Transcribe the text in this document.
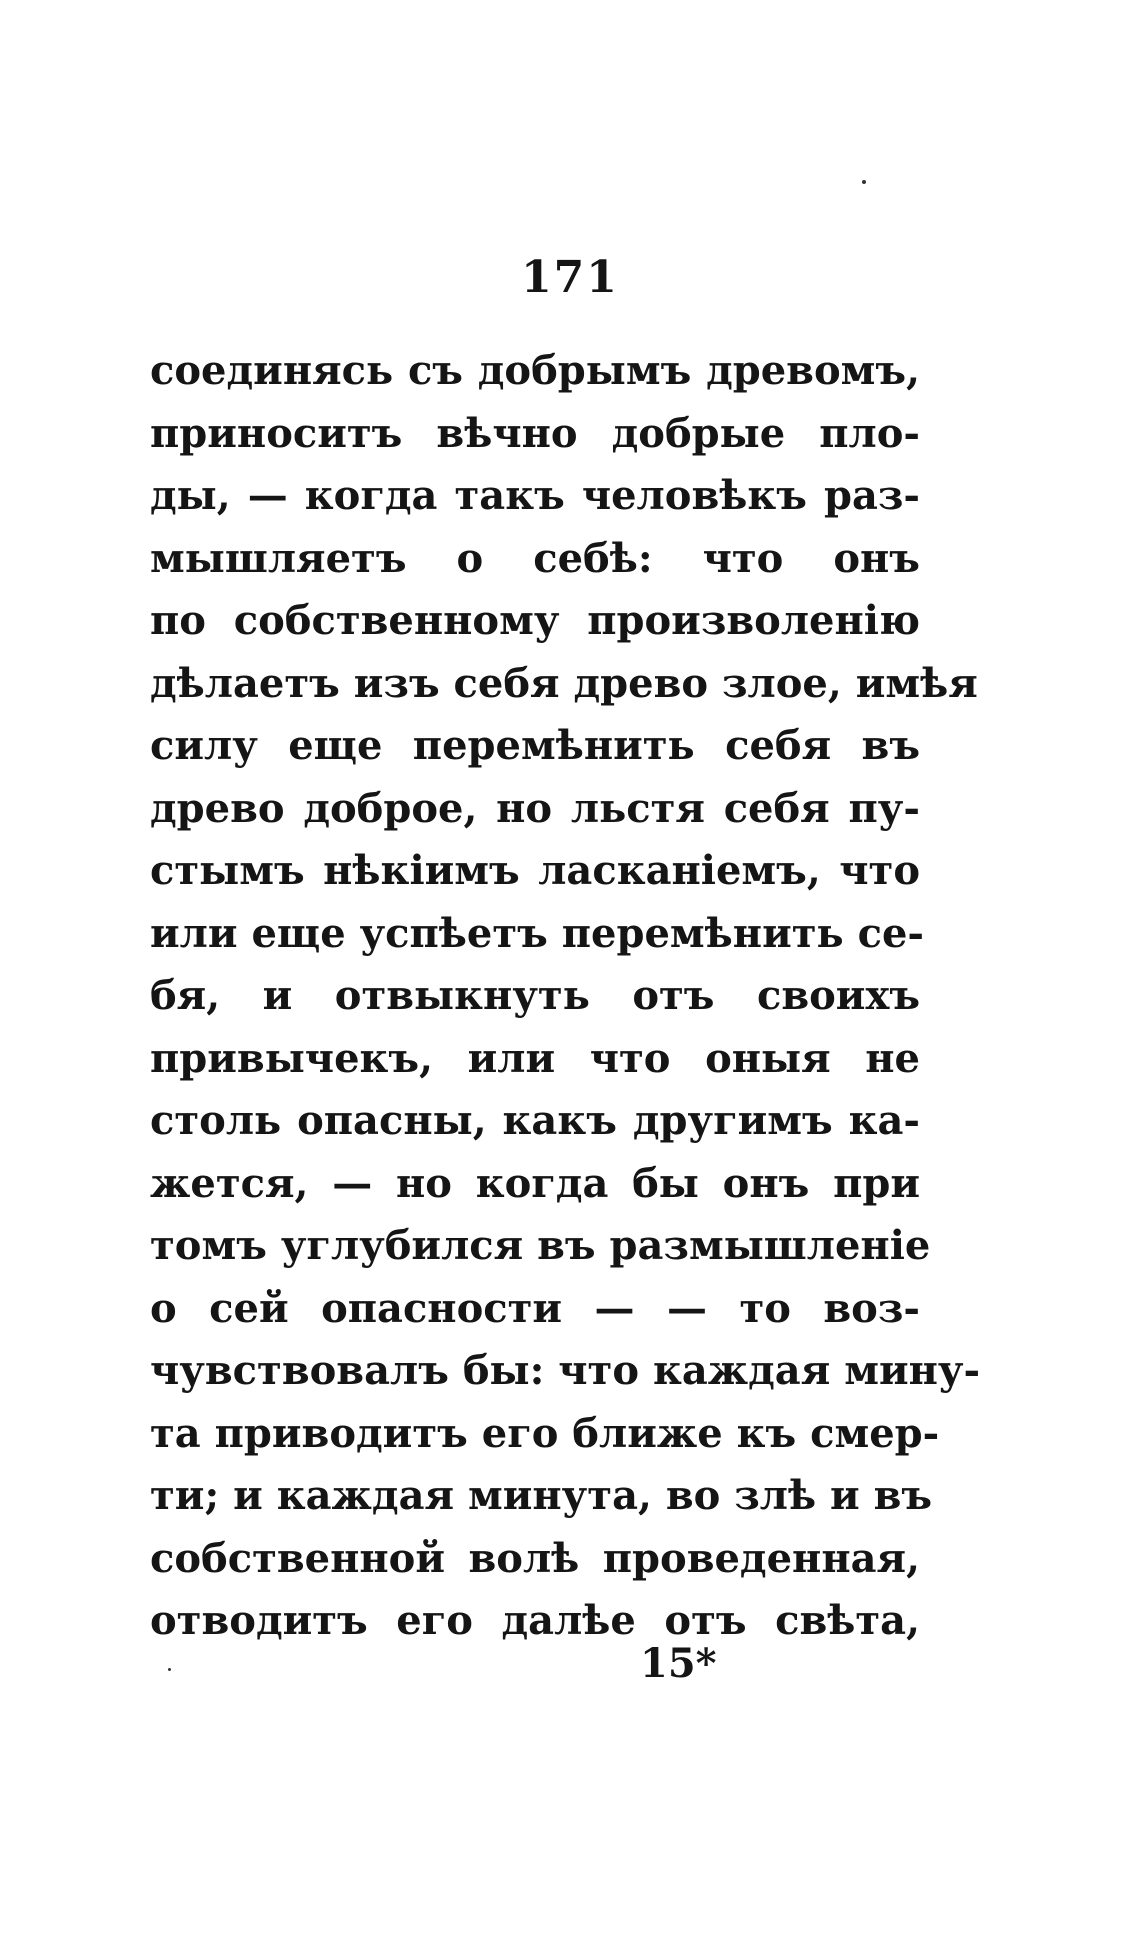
171
соединясь съ добрымъ древомъ,
приноситъ вѣчно добрые пло-
ды, — когда такъ человѣкъ раз-
мышляетъ о себѣ: что онъ
по собственному произволенію
дѣлаетъ изъ себя древо злое, имѣя
силу еще перемѣнить себя въ
древо доброе, но льстя себя пу-
стымъ нѣкіимъ ласканіемъ, что
или еще успѣетъ перемѣнить се-
бя, и отвыкнуть отъ своихъ
привычекъ, или что оныя не
столь опасны, какъ другимъ ка-
жется, — но когда бы онъ при
томъ углубился въ размышленіе
о сей опасности — — то воз-
чувствовалъ бы: что каждая мину-
та приводитъ его ближе къ смер-
ти; и каждая минута, во злѣ и въ
собственной волѣ проведенная,
отводитъ его далѣе отъ свѣта,
15*
